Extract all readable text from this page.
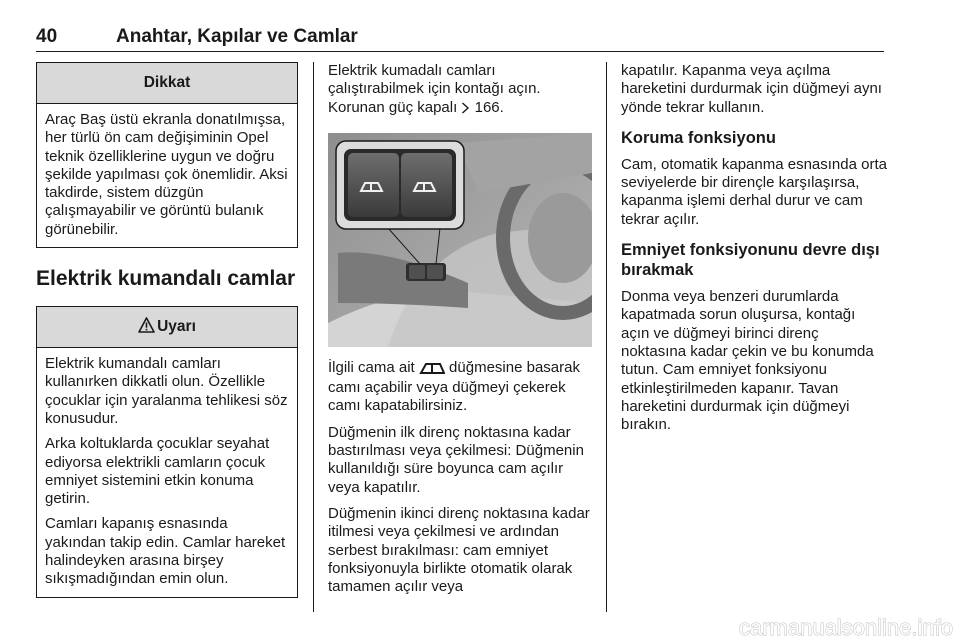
40	Anahtar, Kapılar ve Camlar
Dikkat

Araç Baş üstü ekranla donatılmışsa, her türlü ön cam değişiminin Opel teknik özelliklerine uygun ve doğru şekilde yapılması çok önemlidir. Aksi takdirde, sistem düzgün çalışmayabilir ve görüntü bulanık görünebilir.

Elektrik kumandalı camlar
Uyarı

Elektrik kumandalı camları kullanırken dikkatli olun. Özellikle çocuklar için yaralanma tehlikesi söz konusudur.

Arka koltuklarda çocuklar seyahat ediyorsa elektrikli camların çocuk emniyet sistemini etkin konuma getirin.

Camları kapanış esnasında yakından takip edin. Camlar hareket halindeyken arasına birşey sıkışmadığından emin olun.

Elektrik kumadalı camları çalıştırabilmek için kontağı açın. Korunan güç kapalı 166.

İlgili cama ait düğmesine basarak camı açabilir veya düğmeyi çekerek camı kapatabilirsiniz.

Düğmenin ilk direnç noktasına kadar bastırılması veya çekilmesi: Düğmenin kullanıldığı süre boyunca cam açılır veya kapatılır.

Düğmenin ikinci direnç noktasına kadar itilmesi veya çekilmesi ve ardından serbest bırakılması: cam emniyet fonksiyonuyla birlikte otomatik olarak tamamen açılır veya

kapatılır. Kapanma veya açılma hareketini durdurmak için düğmeyi aynı yönde tekrar kullanın.

Koruma fonksiyonu

Cam, otomatik kapanma esnasında orta seviyelerde bir dirençle karşılaşırsa, kapanma işlemi derhal durur ve cam tekrar açılır.

Emniyet fonksiyonunu devre dışı bırakmak

Donma veya benzeri durumlarda kapatmada sorun oluşursa, kontağı açın ve düğmeyi birinci direnç noktasına kadar çekin ve bu konumda tutun. Cam emniyet fonksiyonu etkinleştirilmeden kapanır. Tavan hareketini durdurmak için düğmeyi bırakın.

carmanualsonline.info
